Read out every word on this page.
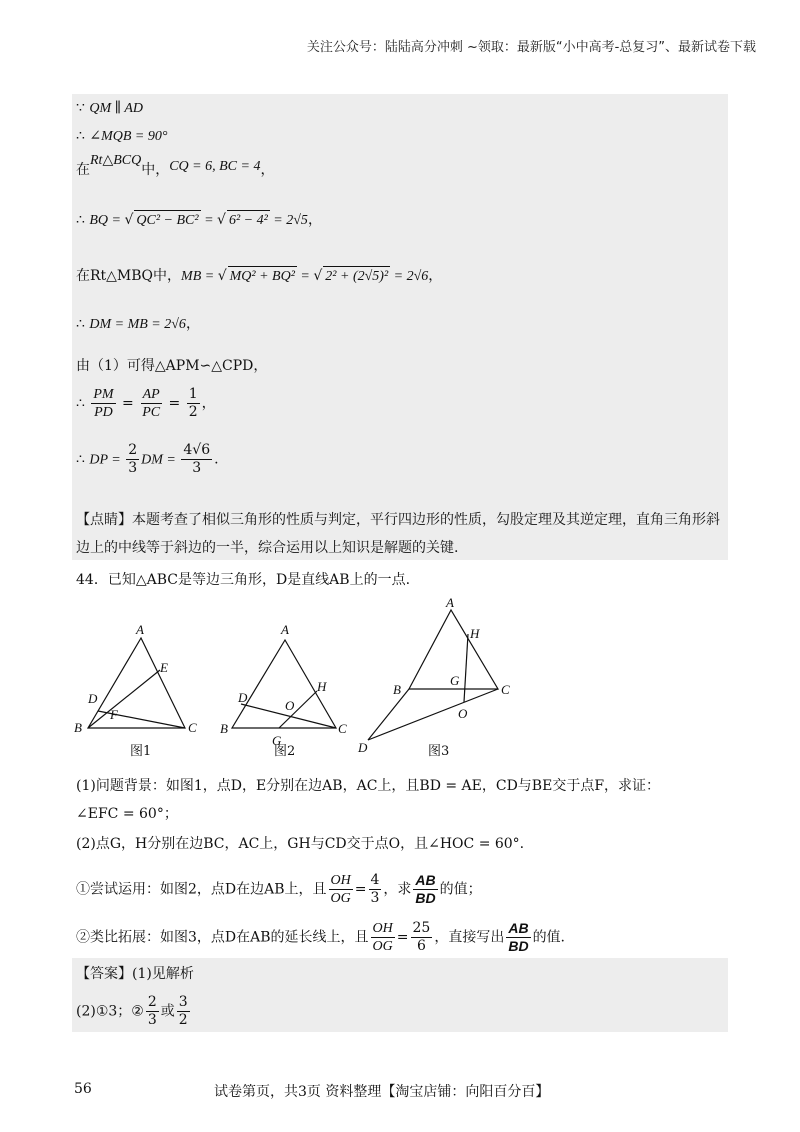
关注公众号：陆陆高分冲刺 ~领取：最新版“小中高考-总复习”、最新试卷下载
∵ QM ∥ AD
∴ ∠MQB = 90°
在Rt△BCQ中，CQ = 6, BC = 4，
∴ BQ = √ QC² − BC² = √ 6² − 4² = 2√5，
在Rt△MBQ中，MB = √ MQ² + BQ² = √ 2² + (2√5)² = 2√6，
∴ DM = MB = 2√6，
由（1）可得△APM∽△CPD，
∴ $\frac{PM}{PD} = \frac{AP}{PC} = \frac{1}{2}$ ，
∴ DP = $\frac{2}{3}$ DM = $\frac{4√6}{3}$ .
【点睛】本题考查了相似三角形的性质与判定，平行四边形的性质，勾股定理及其逆定理，直角三角形斜
边上的中线等于斜边的一半，综合运用以上知识是解题的关键.
44．已知△ABC是等边三角形，D是直线AB上的一点.
A
D
E
F
B	C
图1
A
D
H
O
B
G
C
图2
A
H
G
B	C
O
D	图3
(1)问题背景：如图1，点D，E分别在边AB，AC上，且BD = AE，CD与BE交于点F，求证：
∠EFC = 60°；
(2)点G，H分别在边BC，AC上，GH与CD交于点O，且∠HOC = 60°.
①尝试运用：如图2，点D在边AB上，且 $\frac{OH}{OG} = \frac{4}{3}$ ，求 $\frac{AB}{BD}$ 的值；
②类比拓展：如图3，点D在AB的延长线上，且 $\frac{OH}{OG} = \frac{25}{6}$ ，直接写出 $\frac{AB}{BD}$ 的值.
【答案】(1)见解析
(2)①3；② $\frac{2}{3}$ 或 $\frac{3}{2}$
56	试卷第页，共3页 资料整理【淘宝店铺：向阳百分百】
